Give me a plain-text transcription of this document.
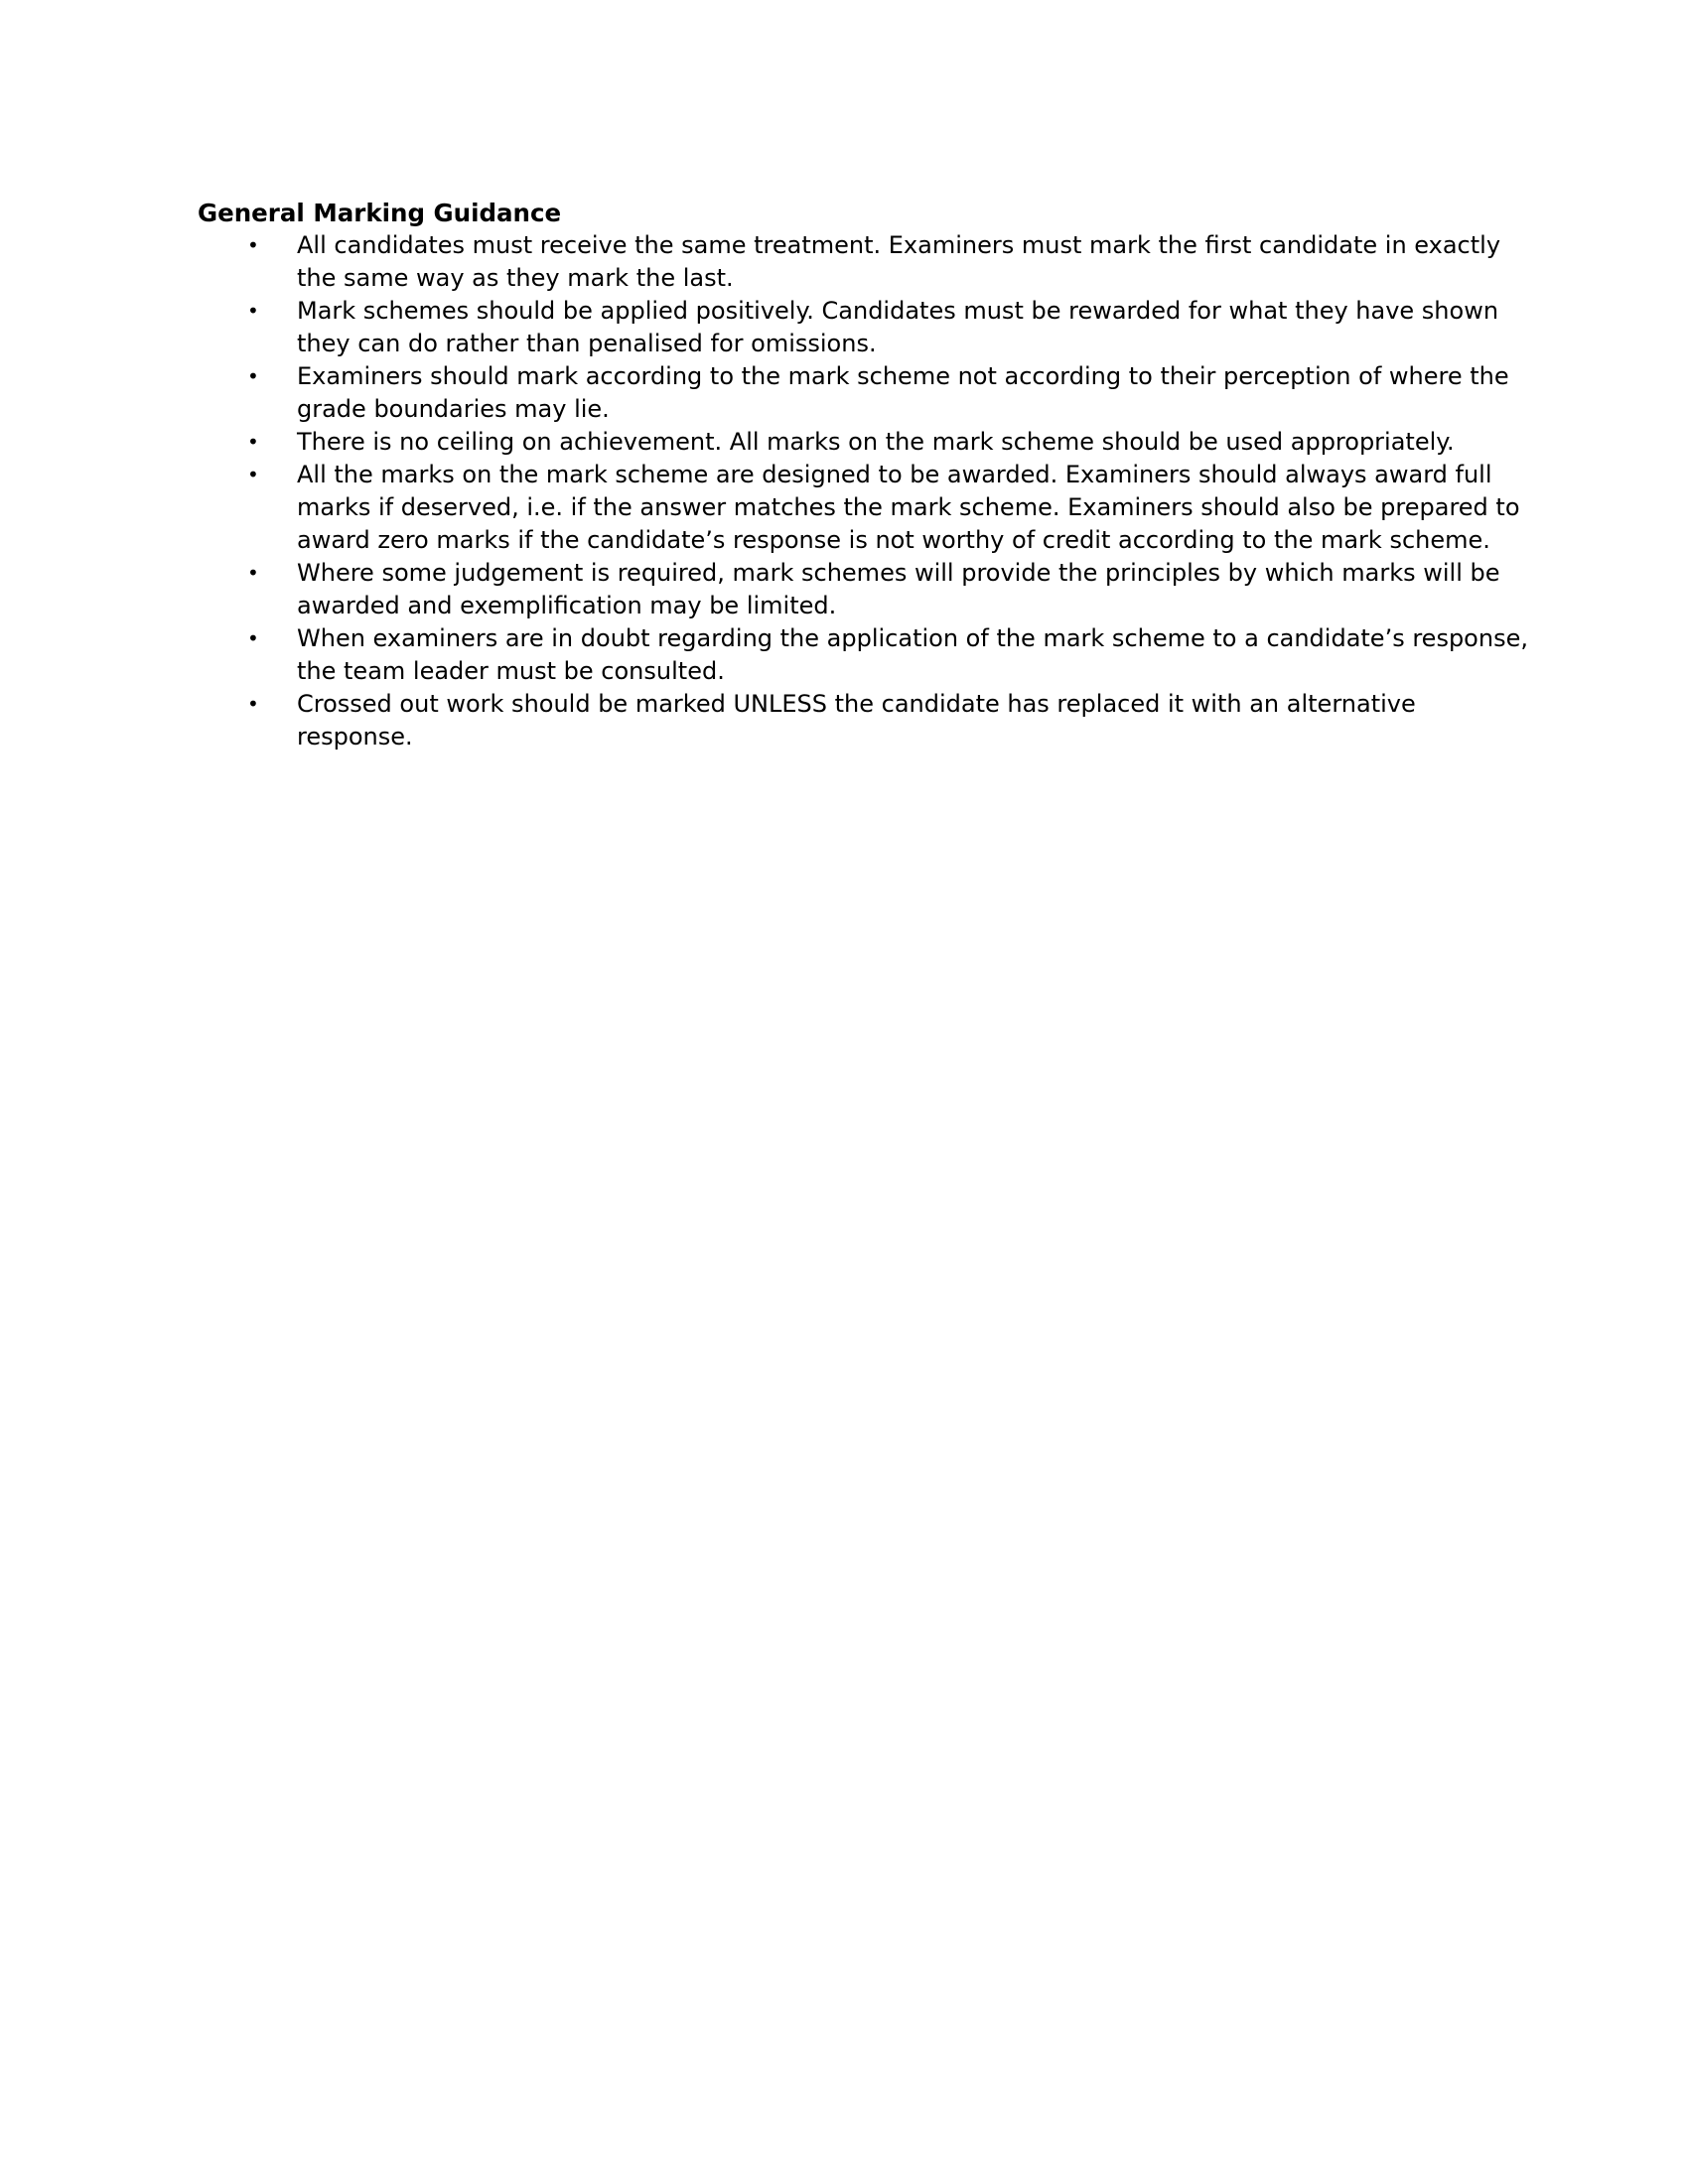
General Marking Guidance
•	All candidates must receive the same treatment. Examiners must mark the first candidate in exactly the same way as they mark the last.
•	Mark schemes should be applied positively. Candidates must be rewarded for what they have shown they can do rather than penalised for omissions.
•	Examiners should mark according to the mark scheme not according to their perception of where the grade boundaries may lie.
•	There is no ceiling on achievement. All marks on the mark scheme should be used appropriately.
•	All the marks on the mark scheme are designed to be awarded. Examiners should always award full marks if deserved, i.e. if the answer matches the mark scheme. Examiners should also be prepared to award zero marks if the candidate’s response is not worthy of credit according to the mark scheme.
•	Where some judgement is required, mark schemes will provide the principles by which marks will be awarded and exemplification may be limited.
•	When examiners are in doubt regarding the application of the mark scheme to a candidate’s response, the team leader must be consulted.
•	Crossed out work should be marked UNLESS the candidate has replaced it with an alternative response.
